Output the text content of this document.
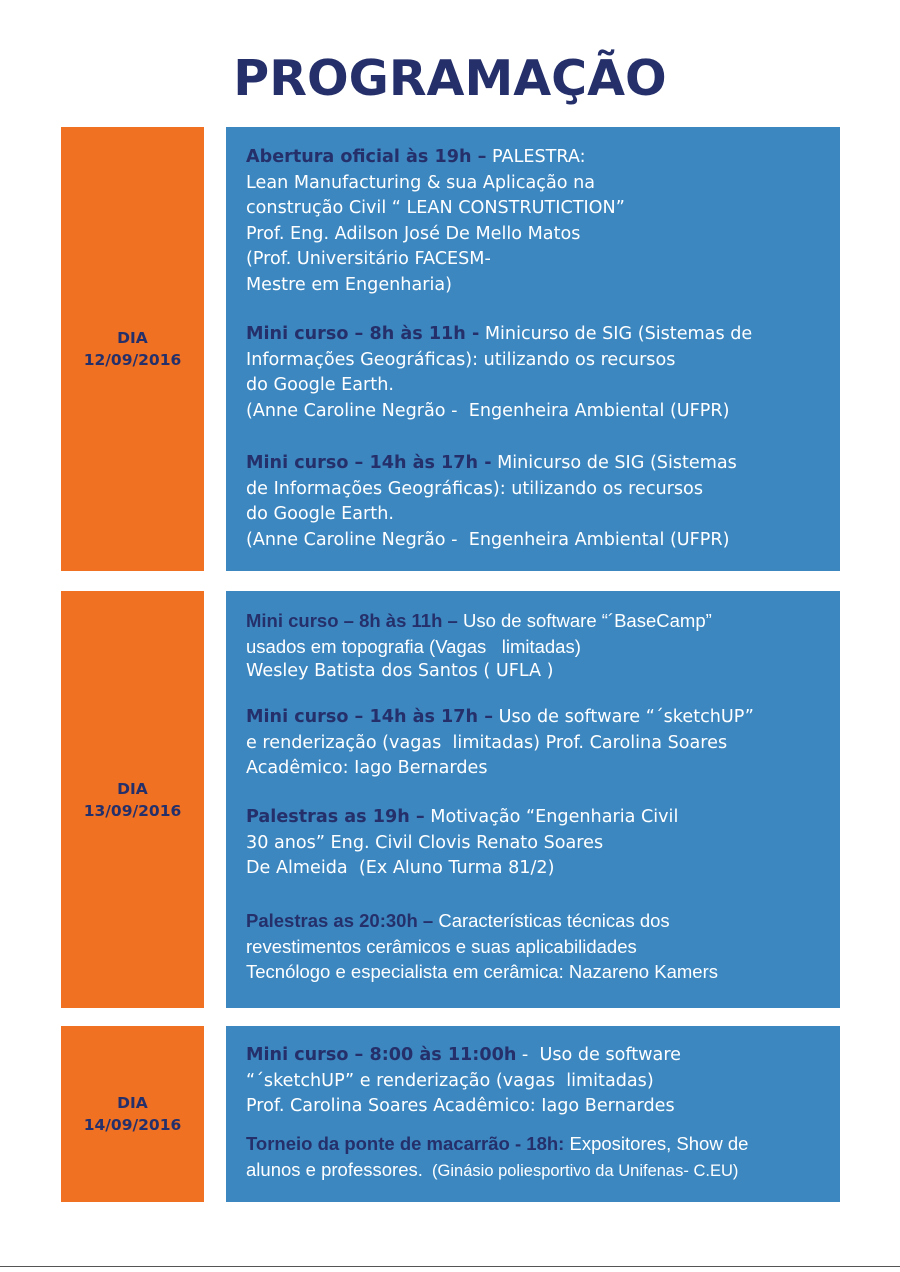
PROGRAMAÇÃO
DIA
12/09/2016
Abertura oficial às 19h – PALESTRA:
Lean Manufacturing & sua Aplicação na
construção Civil “ LEAN CONSTRUTICTION”
Prof. Eng. Adilson José De Mello Matos
(Prof. Universitário FACESM-
Mestre em Engenharia)
Mini curso – 8h às 11h - Minicurso de SIG (Sistemas de
Informações Geográficas): utilizando os recursos
do Google Earth.
(Anne Caroline Negrão -  Engenheira Ambiental (UFPR)
Mini curso – 14h às 17h - Minicurso de SIG (Sistemas
de Informações Geográficas): utilizando os recursos
do Google Earth.
(Anne Caroline Negrão -  Engenheira Ambiental (UFPR)
DIA
13/09/2016
Mini curso – 8h às 11h – Uso de software “´BaseCamp”
usados em topografia (Vagas   limitadas)
Wesley Batista dos Santos ( UFLA )
Mini curso – 14h às 17h – Uso de software “´sketchUP”
e renderização (vagas  limitadas) Prof. Carolina Soares
Acadêmico: Iago Bernardes
Palestras as 19h – Motivação “Engenharia Civil
30 anos” Eng. Civil Clovis Renato Soares
De Almeida  (Ex Aluno Turma 81/2)
Palestras as 20:30h – Características técnicas dos
revestimentos cerâmicos e suas aplicabilidades
Tecnólogo e especialista em cerâmica: Nazareno Kamers
DIA
14/09/2016
Mini curso – 8:00 às 11:00h -  Uso de software
“´sketchUP” e renderização (vagas  limitadas)
Prof. Carolina Soares Acadêmico: Iago Bernardes
Torneio da ponte de macarrão - 18h: Expositores, Show de
alunos e professores.  (Ginásio poliesportivo da Unifenas- C.EU)
